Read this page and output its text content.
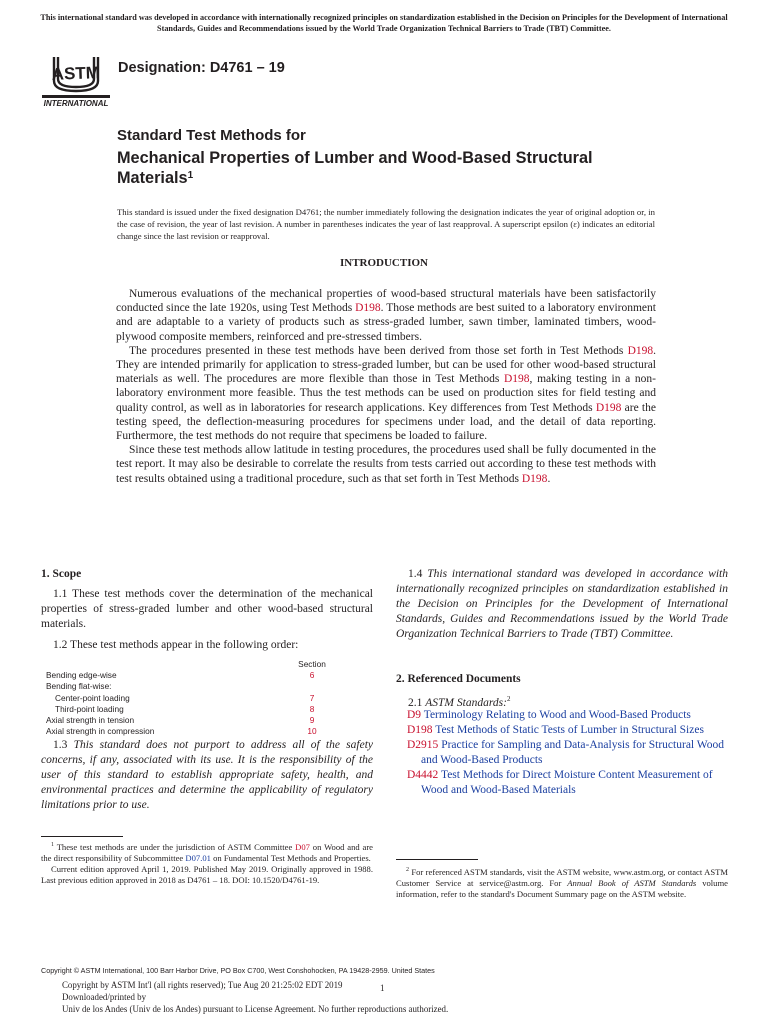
This international standard was developed in accordance with internationally recognized principles on standardization established in the Decision on Principles for the Development of International Standards, Guides and Recommendations issued by the World Trade Organization Technical Barriers to Trade (TBT) Committee.
ASTM
INTERNATIONAL
Designation: D4761 – 19
Standard Test Methods for
Mechanical Properties of Lumber and Wood-Based Structural Materials$^1$
This standard is issued under the fixed designation D4761; the number immediately following the designation indicates the year of original adoption or, in the case of revision, the year of last revision. A number in parentheses indicates the year of last reapproval. A superscript epsilon (ε) indicates an editorial change since the last revision or reapproval.
INTRODUCTION

Numerous evaluations of the mechanical properties of wood-based structural materials have been satisfactorily conducted since the late 1920s, using Test Methods D198. Those methods are best suited to a laboratory environment and are adaptable to a variety of products such as stress-graded lumber, sawn timber, laminated timbers, wood-plywood composite members, reinforced and pre-stressed timbers.

The procedures presented in these test methods have been derived from those set forth in Test Methods D198. They are intended primarily for application to stress-graded lumber, but can be used for other wood-based structural materials as well. The procedures are more flexible than those in Test Methods D198, making testing in a non-laboratory environment more feasible. Thus the test methods can be used on production sites for field testing and quality control, as well as in laboratories for research applications. Key differences from Test Methods D198 are the testing speed, the deflection-measuring procedures for specimens under load, and the detail of data reporting. Furthermore, the test methods do not require that specimens be loaded to failure.

Since these test methods allow latitude in testing procedures, the procedures used shall be fully documented in the test report. It may also be desirable to correlate the results from tests carried out according to these test methods with test results obtained using a traditional procedure, such as that set forth in Test Methods D198.

1. Scope
1.1 These test methods cover the determination of the mechanical properties of stress-graded lumber and other wood-based structural materials.
1.2 These test methods appear in the following order:
Section
Bending edge-wise	6
Bending flat-wise:
Center-point loading	7
Third-point loading	8
Axial strength in tension	9
Axial strength in compression	10
1.3 This standard does not purport to address all of the safety concerns, if any, associated with its use. It is the responsibility of the user of this standard to establish appropriate safety, health, and environmental practices and determine the applicability of regulatory limitations prior to use.
1.4 This international standard was developed in accordance with internationally recognized principles on standardization established in the Decision on Principles for the Development of International Standards, Guides and Recommendations issued by the World Trade Organization Technical Barriers to Trade (TBT) Committee.
2. Referenced Documents
2.1 ASTM Standards:$^2$
D9 Terminology Relating to Wood and Wood-Based Products
D198 Test Methods of Static Tests of Lumber in Structural Sizes
D2915 Practice for Sampling and Data-Analysis for Structural Wood and Wood-Based Products
D4442 Test Methods for Direct Moisture Content Measurement of Wood and Wood-Based Materials

$^1$ These test methods are under the jurisdiction of ASTM Committee D07 on Wood and are the direct responsibility of Subcommittee D07.01 on Fundamental Test Methods and Properties.

Current edition approved April 1, 2019. Published May 2019. Originally approved in 1988. Last previous edition approved in 2018 as D4761 – 18. DOI: 10.1520/D4761-19.

$^2$ For referenced ASTM standards, visit the ASTM website, www.astm.org, or contact ASTM Customer Service at service@astm.org. For Annual Book of ASTM Standards volume information, refer to the standard's Document Summary page on the ASTM website.

Copyright © ASTM International, 100 Barr Harbor Drive, PO Box C700, West Conshohocken, PA 19428-2959. United States
Copyright by ASTM Int'l (all rights reserved); Tue Aug 20 21:25:02 EDT 2019
Downloaded/printed by
Univ de los Andes (Univ de los Andes) pursuant to License Agreement. No further reproductions authorized.
1
